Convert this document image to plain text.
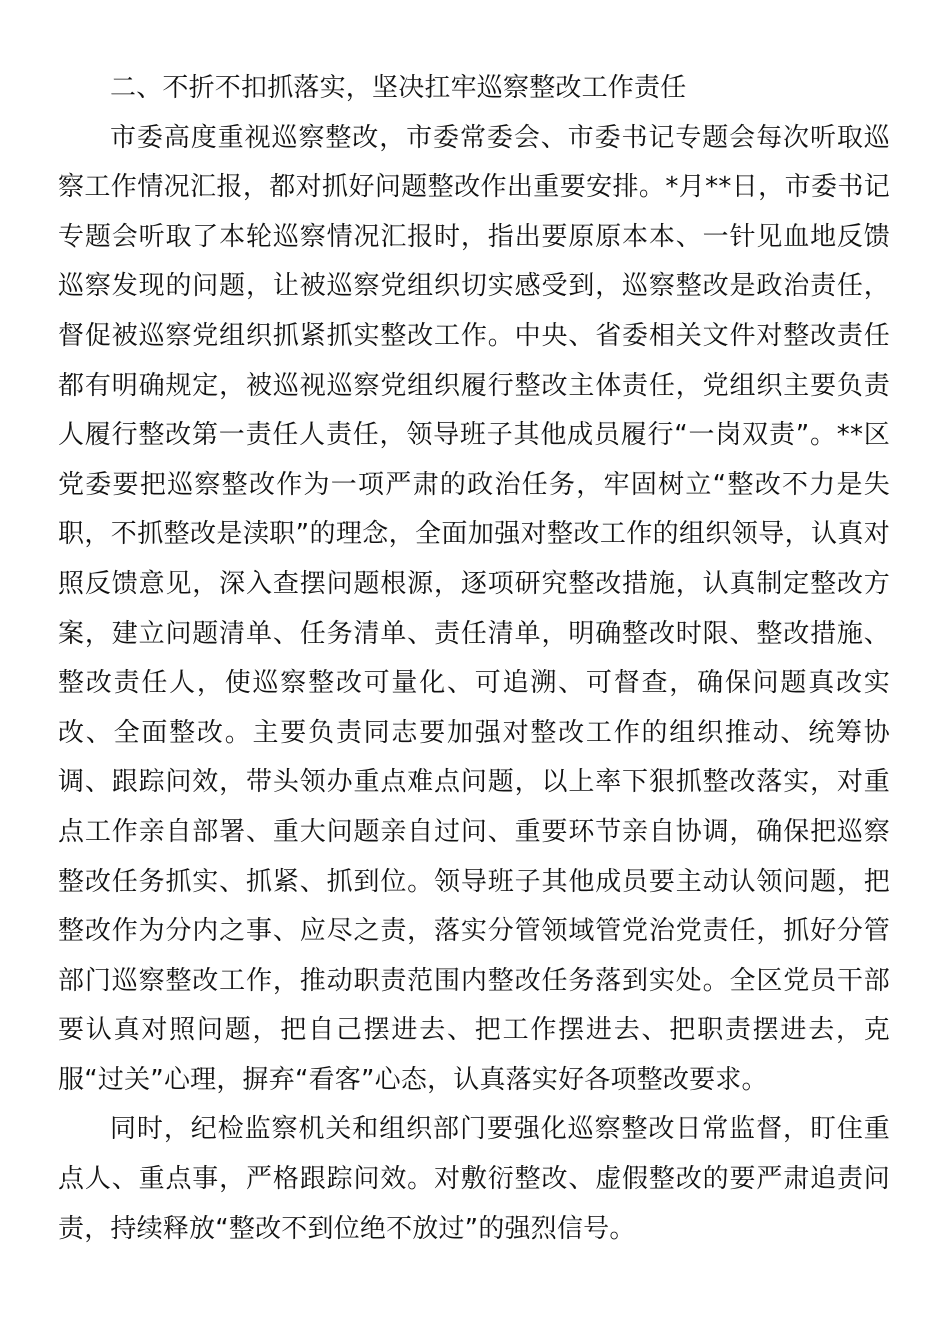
二、不折不扣抓落实，坚决扛牢巡察整改工作责任

市委高度重视巡察整改，市委常委会、市委书记专题会每次听取巡察工作情况汇报，都对抓好问题整改作出重要安排。*月**日，市委书记专题会听取了本轮巡察情况汇报时，指出要原原本本、一针见血地反馈巡察发现的问题，让被巡察党组织切实感受到，巡察整改是政治责任，督促被巡察党组织抓紧抓实整改工作。中央、省委相关文件对整改责任都有明确规定，被巡视巡察党组织履行整改主体责任，党组织主要负责人履行整改第一责任人责任，领导班子其他成员履行“一岗双责”。**区党委要把巡察整改作为一项严肃的政治任务，牢固树立“整改不力是失职，不抓整改是渎职”的理念，全面加强对整改工作的组织领导，认真对照反馈意见，深入查摆问题根源，逐项研究整改措施，认真制定整改方案，建立问题清单、任务清单、责任清单，明确整改时限、整改措施、整改责任人，使巡察整改可量化、可追溯、可督查，确保问题真改实改、全面整改。主要负责同志要加强对整改工作的组织推动、统筹协调、跟踪问效，带头领办重点难点问题，以上率下狠抓整改落实，对重点工作亲自部署、重大问题亲自过问、重要环节亲自协调，确保把巡察整改任务抓实、抓紧、抓到位。领导班子其他成员要主动认领问题，把整改作为分内之事、应尽之责，落实分管领域管党治党责任，抓好分管部门巡察整改工作，推动职责范围内整改任务落到实处。全区党员干部要认真对照问题，把自己摆进去、把工作摆进去、把职责摆进去，克服“过关”心理，摒弃“看客”心态，认真落实好各项整改要求。

同时，纪检监察机关和组织部门要强化巡察整改日常监督，盯住重点人、重点事，严格跟踪问效。对敷衍整改、虚假整改的要严肃追责问责，持续释放“整改不到位绝不放过”的强烈信号。
